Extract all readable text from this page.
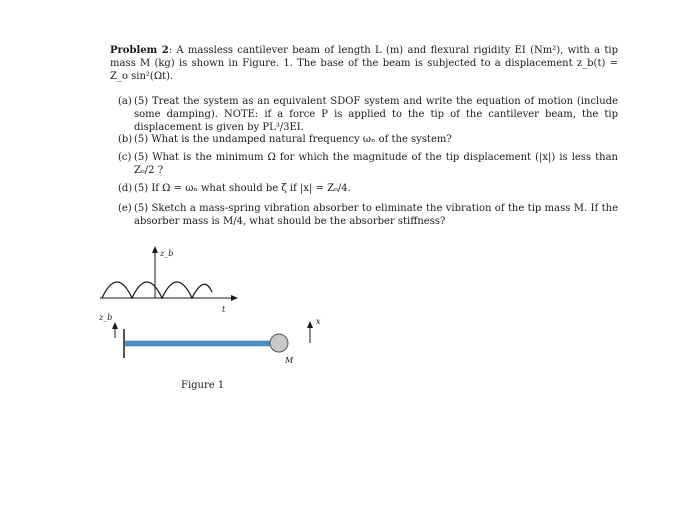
Problem 2: A massless cantilever beam of length L (m) and flexural rigidity EI (Nm²), with a tip mass M (kg) is shown in Figure. 1. The base of the beam is subjected to a displacement z_b(t) = Z_o sin²(Ωt).
(a) (5) Treat the system as an equivalent SDOF system and write the equation of motion (include some damping). NOTE: if a force P is applied to the tip of the cantilever beam, the tip displacement is given by PL³/3EI.
(b) (5) What is the undamped natural frequency ωₙ of the system?
(c) (5) What is the minimum Ω for which the magnitude of the tip displacement (|x|) is less than Zₒ/2 ?
(d) (5) If Ω = ωₙ what should be ζ if |x| = Zₒ/4.
(e) (5) Sketch a mass-spring vibration absorber to eliminate the vibration of the tip mass M. If the absorber mass is M/4, what should be the absorber stiffness?
z_b
t
z_b
M
x
Figure 1
